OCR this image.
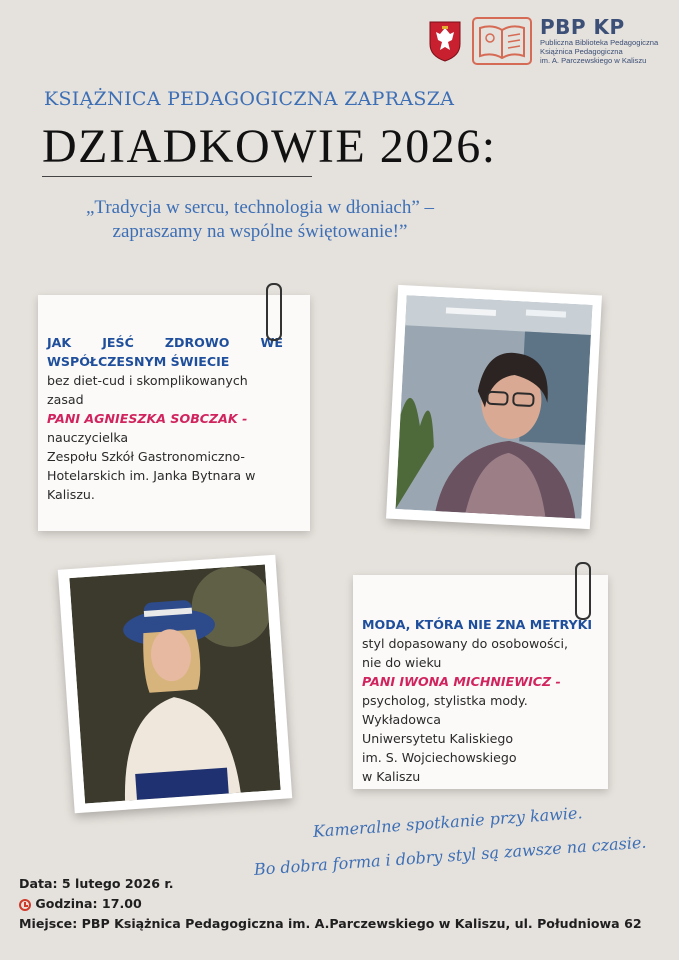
PBP KP
Publiczna Biblioteka Pedagogiczna
Książnica Pedagogiczna
im. A. Parczewskiego w Kaliszu
KSIĄŻNICA PEDAGOGICZNA ZAPRASZA
DZIADKOWIE 2026:
„Tradycja w sercu, technologia w dłoniach” –
zapraszamy na wspólne świętowanie!”
JAK JEŚĆ ZDROWO WE
WSPÓŁCZESNYM ŚWIECIE
bez diet-cud i skomplikowanych
zasad
PANI AGNIESZKA SOBCZAK -
nauczycielka
Zespołu Szkół Gastronomiczno-
Hotelarskich im. Janka Bytnara w
Kaliszu.
MODA, KTÓRA NIE ZNA METRYKI
styl dopasowany do osobowości,
nie do wieku
PANI IWONA MICHNIEWICZ -
psycholog, stylistka mody.
Wykładowca
Uniwersytetu Kaliskiego
im. S. Wojciechowskiego
w Kaliszu
Kameralne spotkanie przy kawie.
Bo dobra forma i dobry styl są zawsze na czasie.
Data: 5 lutego 2026 r.
Godzina: 17.00
Miejsce: PBP Książnica Pedagogiczna im. A.Parczewskiego w Kaliszu, ul. Południowa 62
